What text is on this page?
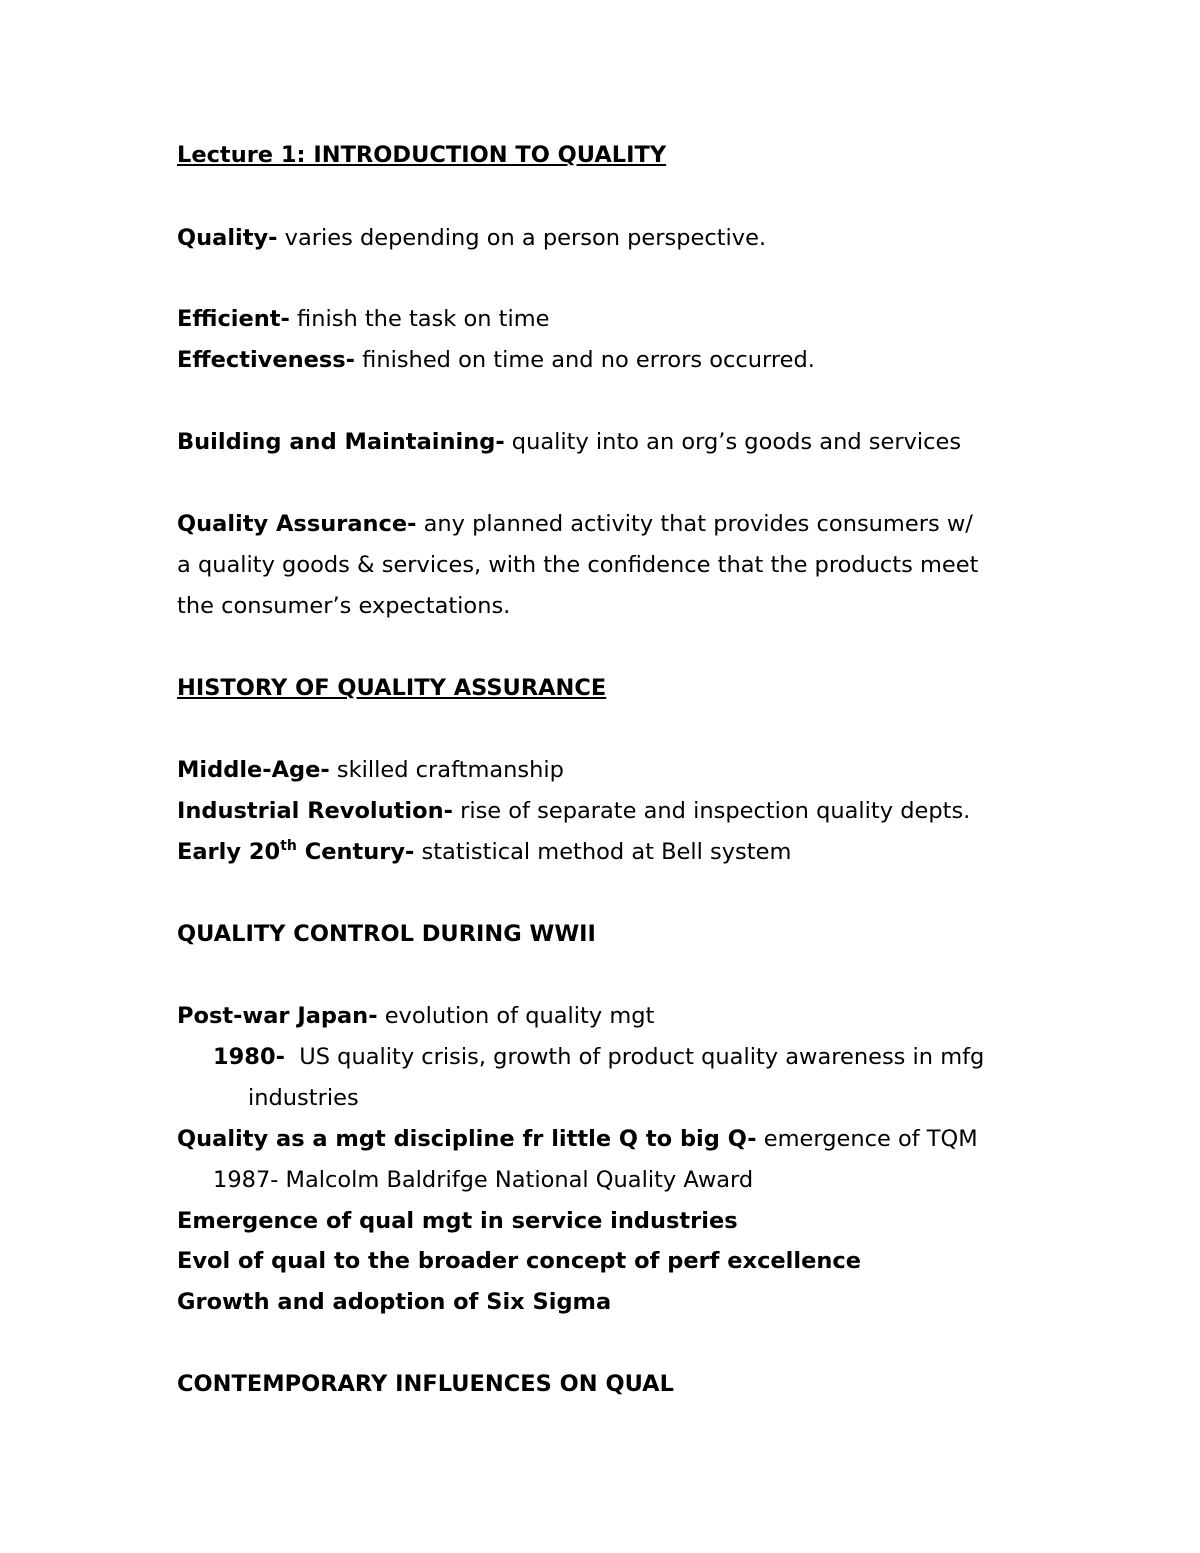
Lecture 1: INTRODUCTION TO QUALITY
Quality- varies depending on a person perspective.
Efficient- finish the task on time
Effectiveness- finished on time and no errors occurred.
Building and Maintaining- quality into an org’s goods and services
Quality Assurance- any planned activity that provides consumers w/
a quality goods & services, with the confidence that the products meet
the consumer’s expectations.
HISTORY OF QUALITY ASSURANCE
Middle-Age- skilled craftmanship
Industrial Revolution- rise of separate and inspection quality depts.
Early 20th Century- statistical method at Bell system
QUALITY CONTROL DURING WWII
Post-war Japan- evolution of quality mgt
1980-  US quality crisis, growth of product quality awareness in mfg
industries
Quality as a mgt discipline fr little Q to big Q- emergence of TQM
1987- Malcolm Baldrifge National Quality Award
Emergence of qual mgt in service industries
Evol of qual to the broader concept of perf excellence
Growth and adoption of Six Sigma
CONTEMPORARY INFLUENCES ON QUAL
